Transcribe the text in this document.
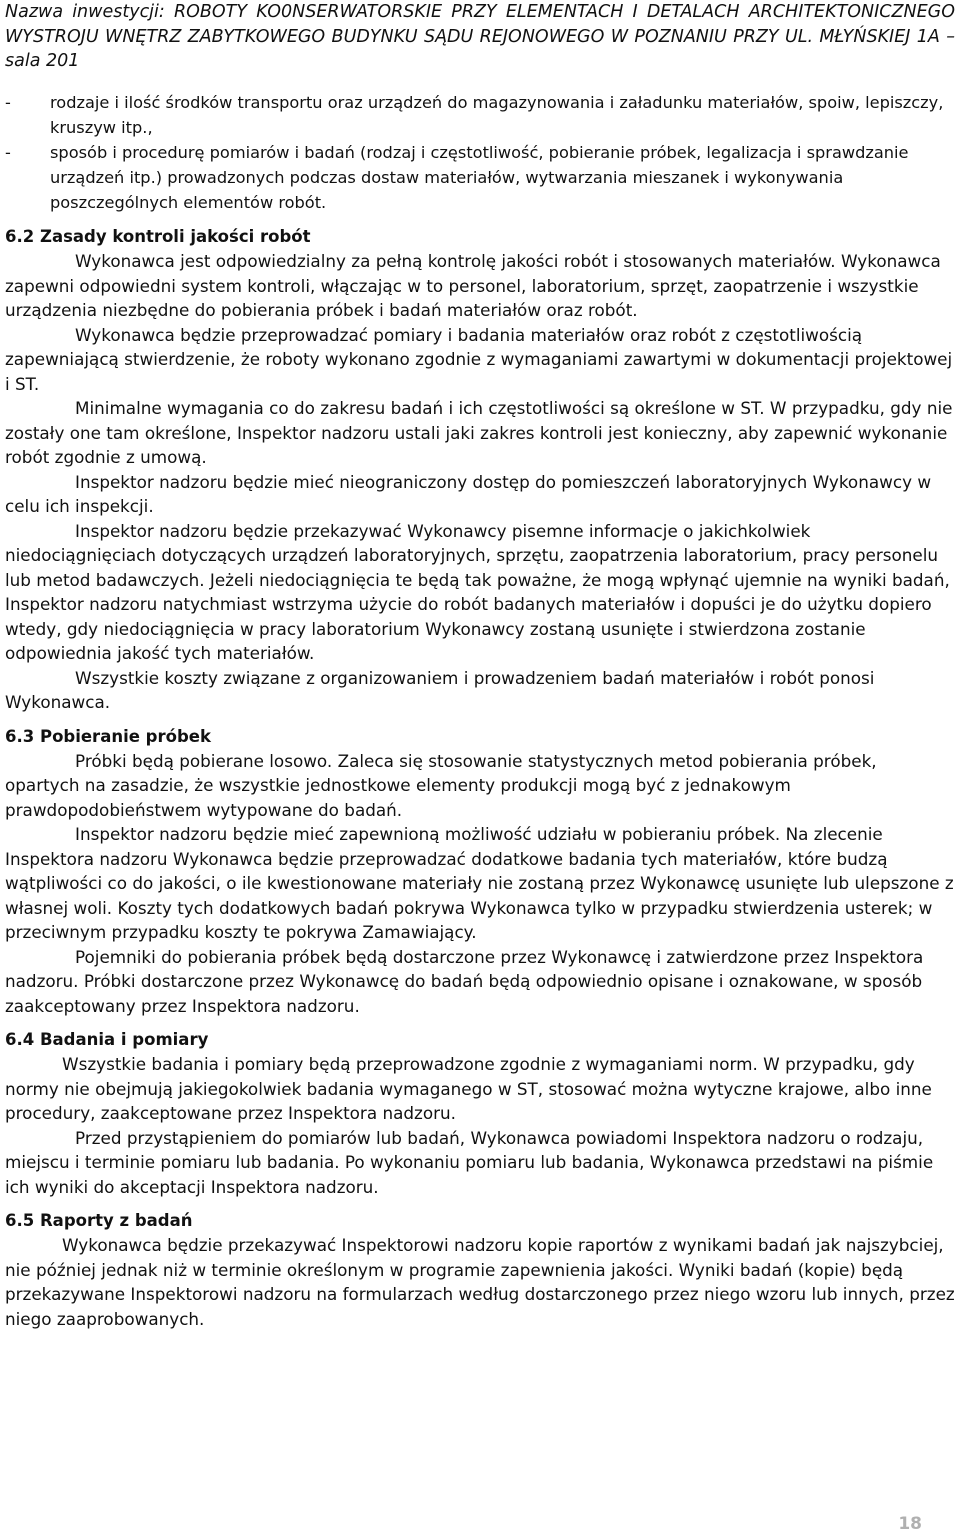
Nazwa inwestycji: ROBOTY KO0NSERWATORSKIE PRZY ELEMENTACH I DETALACH ARCHITEKTONICZNEGO WYSTROJU WNĘTRZ ZABYTKOWEGO BUDYNKU SĄDU REJONOWEGO W POZNANIU PRZY UL. MŁYŃSKIEJ 1A – sala 201
- rodzaje i ilość środków transportu oraz urządzeń do magazynowania i załadunku materiałów, spoiw, lepiszczy, kruszyw itp.,
- sposób i procedurę pomiarów i badań (rodzaj i częstotliwość, pobieranie próbek, legalizacja i sprawdzanie urządzeń itp.) prowadzonych podczas dostaw materiałów, wytwarzania mieszanek i wykonywania poszczególnych elementów robót.
6.2 Zasady kontroli jakości robót

Wykonawca jest odpowiedzialny za pełną kontrolę jakości robót i stosowanych materiałów. Wykonawca zapewni odpowiedni system kontroli, włączając w to personel, laboratorium, sprzęt, zaopatrzenie i wszystkie urządzenia niezbędne do pobierania próbek i badań materiałów oraz robót.

Wykonawca będzie przeprowadzać pomiary i badania materiałów oraz robót z częstotliwością zapewniającą stwierdzenie, że roboty wykonano zgodnie z wymaganiami zawartymi w dokumentacji projektowej i ST.

Minimalne wymagania co do zakresu badań i ich częstotliwości są określone w ST. W przypadku, gdy nie zostały one tam określone, Inspektor nadzoru ustali jaki zakres kontroli jest konieczny, aby zapewnić wykonanie robót zgodnie z umową.

Inspektor nadzoru będzie mieć nieograniczony dostęp do pomieszczeń laboratoryjnych Wykonawcy w celu ich inspekcji.

Inspektor nadzoru będzie przekazywać Wykonawcy pisemne informacje o jakichkolwiek niedociągnięciach dotyczących urządzeń laboratoryjnych, sprzętu, zaopatrzenia laboratorium, pracy personelu lub metod badawczych. Jeżeli niedociągnięcia te będą tak poważne, że mogą wpłynąć ujemnie na wyniki badań, Inspektor nadzoru natychmiast wstrzyma użycie do robót badanych materiałów i dopuści je do użytku dopiero wtedy, gdy niedociągnięcia w pracy laboratorium Wykonawcy zostaną usunięte i stwierdzona zostanie odpowiednia jakość tych materiałów.

Wszystkie koszty związane z organizowaniem i prowadzeniem badań materiałów i robót ponosi Wykonawca.

6.3 Pobieranie próbek

Próbki będą pobierane losowo. Zaleca się stosowanie statystycznych metod pobierania próbek, opartych na zasadzie, że wszystkie jednostkowe elementy produkcji mogą być z jednakowym prawdopodobieństwem wytypowane do badań.

Inspektor nadzoru będzie mieć zapewnioną możliwość udziału w pobieraniu próbek. Na zlecenie Inspektora nadzoru Wykonawca będzie przeprowadzać dodatkowe badania tych materiałów, które budzą wątpliwości co do jakości, o ile kwestionowane materiały nie zostaną przez Wykonawcę usunięte lub ulepszone z własnej woli. Koszty tych dodatkowych badań pokrywa Wykonawca tylko w przypadku stwierdzenia usterek; w przeciwnym przypadku koszty te pokrywa Zamawiający.

Pojemniki do pobierania próbek będą dostarczone przez Wykonawcę i zatwierdzone przez Inspektora nadzoru. Próbki dostarczone przez Wykonawcę do badań będą odpowiednio opisane i oznakowane, w sposób zaakceptowany przez Inspektora nadzoru.

6.4 Badania i pomiary

Wszystkie badania i pomiary będą przeprowadzone zgodnie z wymaganiami norm. W przypadku, gdy normy nie obejmują jakiegokolwiek badania wymaganego w ST, stosować można wytyczne krajowe, albo inne procedury, zaakceptowane przez Inspektora nadzoru.

Przed przystąpieniem do pomiarów lub badań, Wykonawca powiadomi Inspektora nadzoru o rodzaju, miejscu i terminie pomiaru lub badania. Po wykonaniu pomiaru lub badania, Wykonawca przedstawi na piśmie ich wyniki do akceptacji Inspektora nadzoru.

6.5 Raporty z badań

Wykonawca będzie przekazywać Inspektorowi nadzoru kopie raportów z wynikami badań jak najszybciej, nie później jednak niż w terminie określonym w programie zapewnienia jakości. Wyniki badań (kopie) będą przekazywane Inspektorowi nadzoru na formularzach według dostarczonego przez niego wzoru lub innych, przez niego zaaprobowanych.

18
